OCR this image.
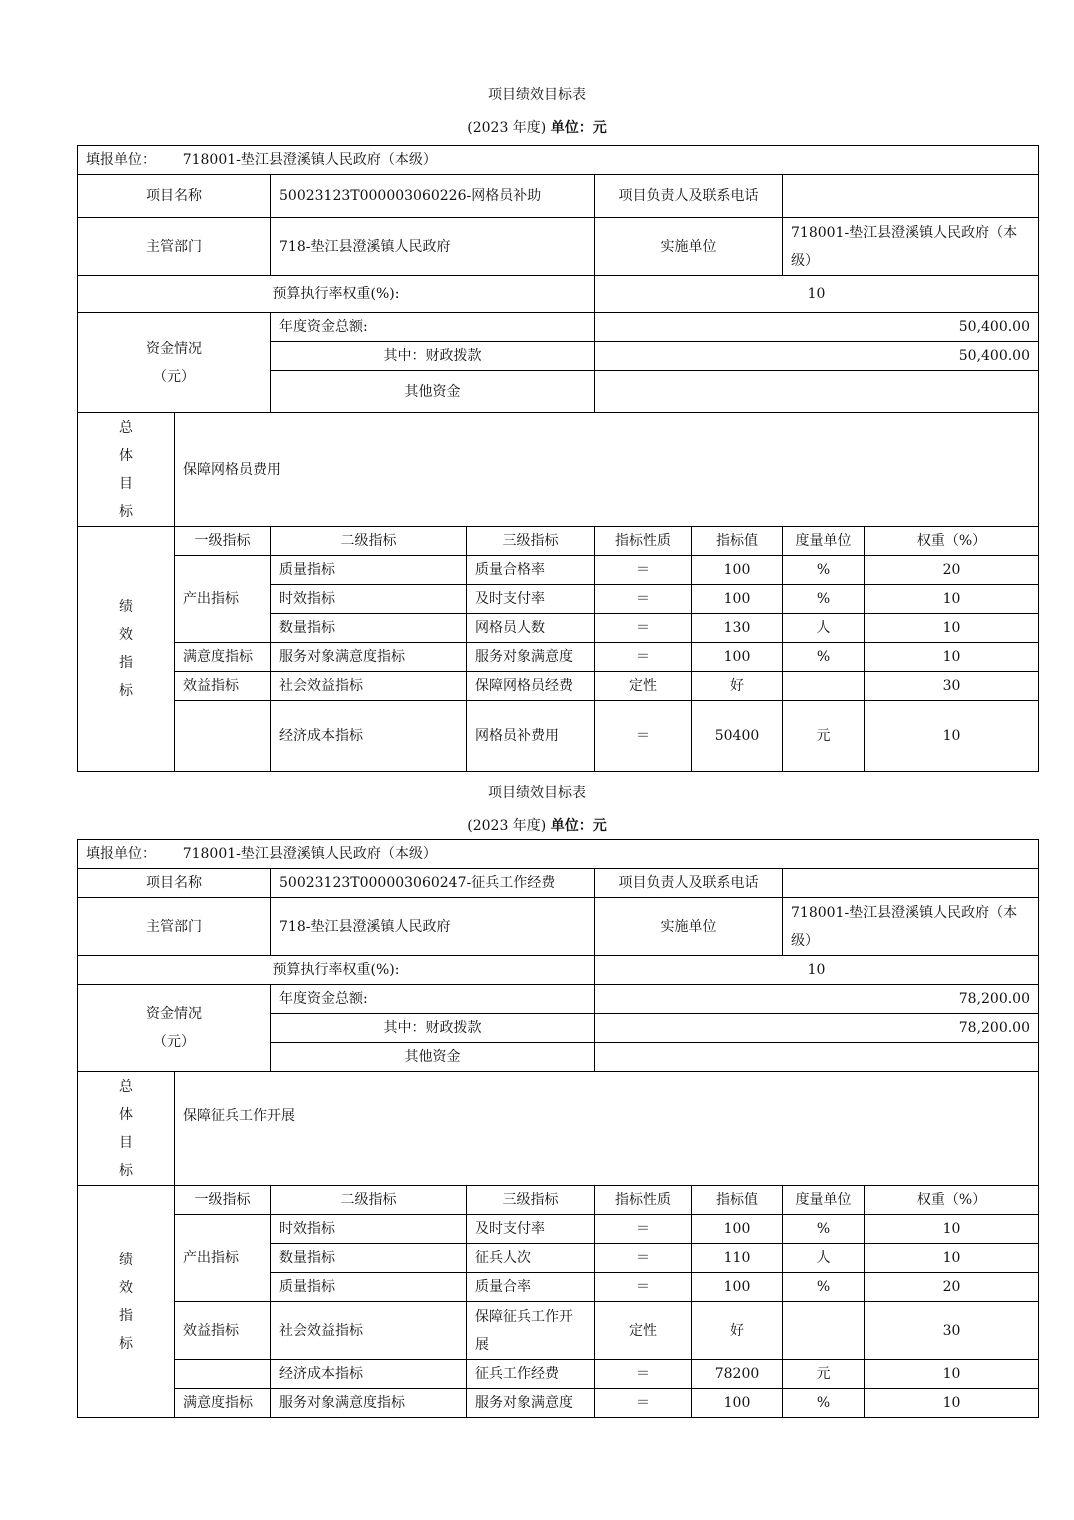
项目绩效目标表
(2023 年度) 单位：元
填报单位： 718001-垫江县澄溪镇人民政府（本级）							
项目名称		50023123T000003060226-网格员补助		项目负责人及联系电话			
主管部门		718-垫江县澄溪镇人民政府		实施单位		718001-垫江县澄溪镇人民政府（本级）	
预算执行率权重(%):				10			
资金情况
（元）		年度资金总额:		50,400.00			
		其中：财政拨款		50,400.00			
		其他资金					

总
体
目
标	保障网格员费用						

绩
效
指
标	一级指标	二级指标	三级指标	指标性质	指标值	度量单位	权重（%）
	产出指标	质量指标	质量合格率	＝	100	%	20
		时效指标	及时支付率	＝	100	%	10
		数量指标	网格员人数	＝	130	人	10
	满意度指标	服务对象满意度指标	服务对象满意度	＝	100	%	10
	效益指标	社会效益指标	保障网格员经费	定性	好		30
		经济成本指标	网格员补费用	＝	50400	元	10
项目绩效目标表
(2023 年度) 单位：元
填报单位： 718001-垫江县澄溪镇人民政府（本级）							
项目名称		50023123T000003060247-征兵工作经费		项目负责人及联系电话			
主管部门		718-垫江县澄溪镇人民政府		实施单位		718001-垫江县澄溪镇人民政府（本级）	
预算执行率权重(%):				10			
资金情况
（元）		年度资金总额:		78,200.00			
		其中：财政拨款		78,200.00			
		其他资金					

总
体
目
标	保障征兵工作开展						

绩
效
指
标	一级指标	二级指标	三级指标	指标性质	指标值	度量单位	权重（%）
	产出指标	时效指标	及时支付率	＝	100	%	10
		数量指标	征兵人次	＝	110	人	10
		质量指标	质量合率	＝	100	%	20
	效益指标	社会效益指标	保障征兵工作开展	定性	好		30
		经济成本指标	征兵工作经费	＝	78200	元	10
	满意度指标	服务对象满意度指标	服务对象满意度	＝	100	%	10
